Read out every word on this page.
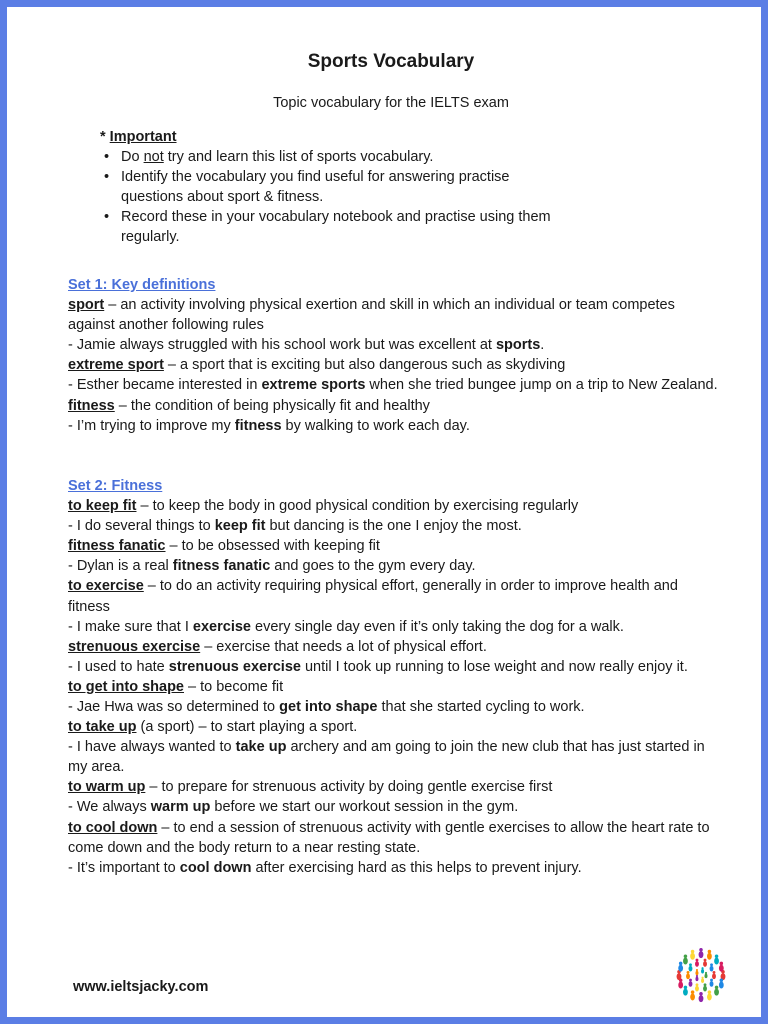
Sports Vocabulary

Topic vocabulary for the IELTS exam

* Important
• Do not try and learn this list of sports vocabulary.
• Identify the vocabulary you find useful for answering practise questions about sport & fitness.
• Record these in your vocabulary notebook and practise using them regularly.

Set 1: Key definitions

sport – an activity involving physical exertion and skill in which an individual or team competes against another following rules

- Jamie always struggled with his school work but was excellent at sports.

extreme sport – a sport that is exciting but also dangerous such as skydiving

- Esther became interested in extreme sports when she tried bungee jump on a trip to New Zealand.

fitness – the condition of being physically fit and healthy

- I’m trying to improve my fitness by walking to work each day.

Set 2: Fitness

to keep fit – to keep the body in good physical condition by exercising regularly

- I do several things to keep fit but dancing is the one I enjoy the most.

fitness fanatic – to be obsessed with keeping fit

- Dylan is a real fitness fanatic and goes to the gym every day.

to exercise – to do an activity requiring physical effort, generally in order to improve health and fitness

- I make sure that I exercise every single day even if it’s only taking the dog for a walk.

strenuous exercise – exercise that needs a lot of physical effort.

- I used to hate strenuous exercise until I took up running to lose weight and now really enjoy it.

to get into shape – to become fit

- Jae Hwa was so determined to get into shape that she started cycling to work.

to take up (a sport) – to start playing a sport.

- I have always wanted to take up archery and am going to join the new club that has just started in my area.

to warm up – to prepare for strenuous activity by doing gentle exercise first

- We always warm up before we start our workout session in the gym.

to cool down – to end a session of strenuous activity with gentle exercises to allow the heart rate to come down and the body return to a near resting state.

- It’s important to cool down after exercising hard as this helps to prevent injury.

www.ieltsjacky.com
